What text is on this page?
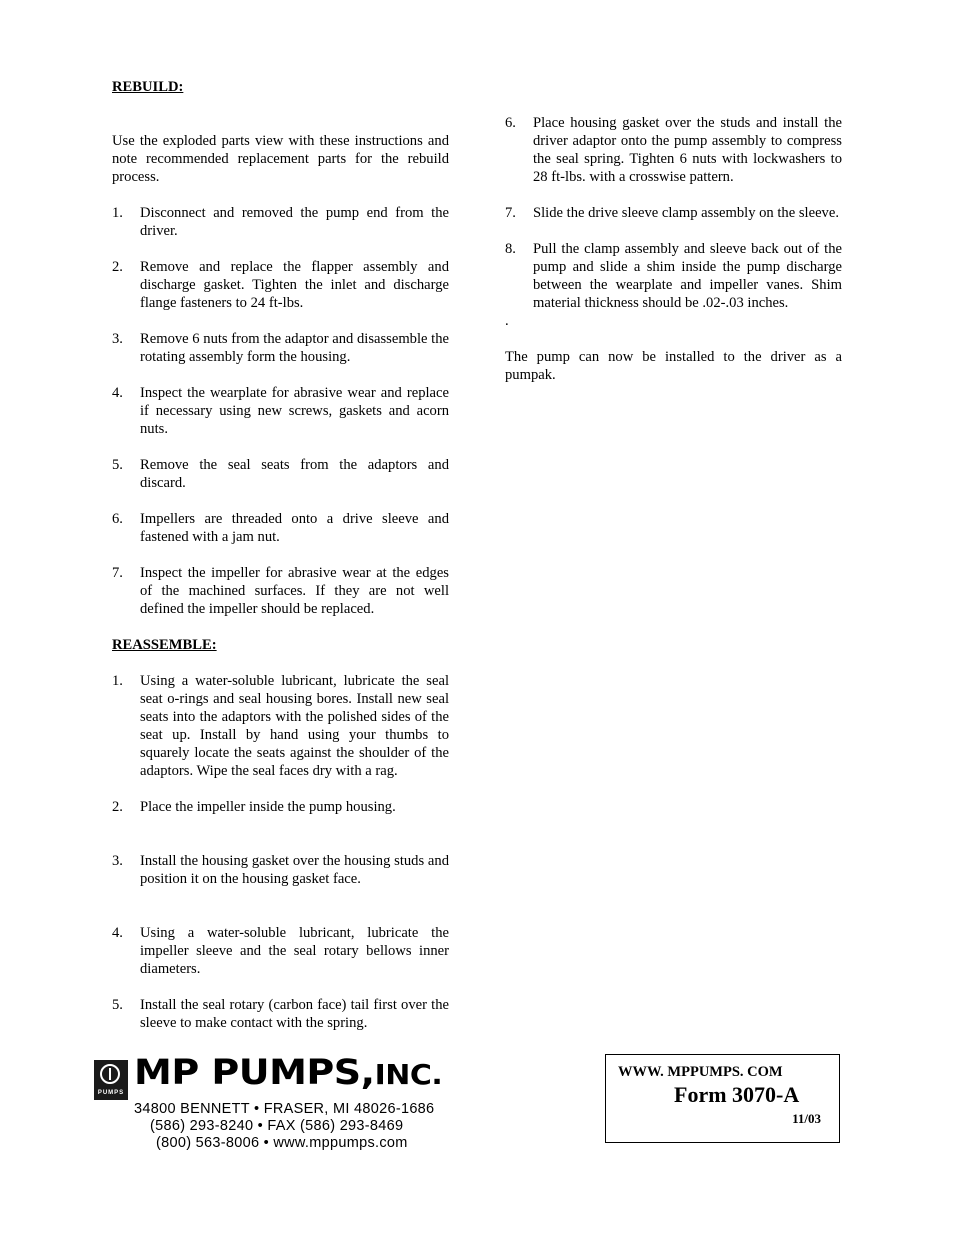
REBUILD:

Use the exploded parts view with these instructions and note recommended replacement parts for the rebuild process.

1. Disconnect and removed the pump end from the driver.
2. Remove and replace the flapper assembly and discharge gasket. Tighten the inlet and discharge flange fasteners to 24 ft-lbs.
3. Remove 6 nuts from the adaptor and disassemble the rotating assembly form the housing.
4. Inspect the wearplate for abrasive wear and replace if necessary using new screws, gaskets and acorn nuts.
5. Remove the seal seats from the adaptors and discard.
6. Impellers are threaded onto a drive sleeve and fastened with a jam nut.
7. Inspect the impeller for abrasive wear at the edges of the machined surfaces. If they are not well defined the impeller should be replaced.

REASSEMBLE:

1. Using a water-soluble lubricant, lubricate the seal seat o-rings and seal housing bores. Install new seal seats into the adaptors with the polished sides of the seat up. Install by hand using your thumbs to squarely locate the seats against the shoulder of the adaptors. Wipe the seal faces dry with a rag.
2. Place the impeller inside the pump housing.
3. Install the housing gasket over the housing studs and position it on the housing gasket face.
4. Using a water-soluble lubricant, lubricate the impeller sleeve and the seal rotary bellows inner diameters.
5. Install the seal rotary (carbon face) tail first over the sleeve to make contact with the spring.
6. Place housing gasket over the studs and install the driver adaptor onto the pump assembly to compress the seal spring. Tighten 6 nuts with lockwashers to 28 ft-lbs. with a crosswise pattern.
7. Slide the drive sleeve clamp assembly on the sleeve.
8. Pull the clamp assembly and sleeve back out of the pump and slide a shim inside the pump discharge between the wearplate and impeller vanes. Shim material thickness should be .02-.03 inches.

.

The pump can now be installed to the driver as a pumpak.

PUMPS
MP PUMPS,INC.
34800 BENNETT • FRASER, MI 48026-1686
(586) 293-8240 • FAX (586) 293-8469
(800) 563-8006 • www.mppumps.com
WWW. MPPUMPS. COM
Form 3070-A
11/03
